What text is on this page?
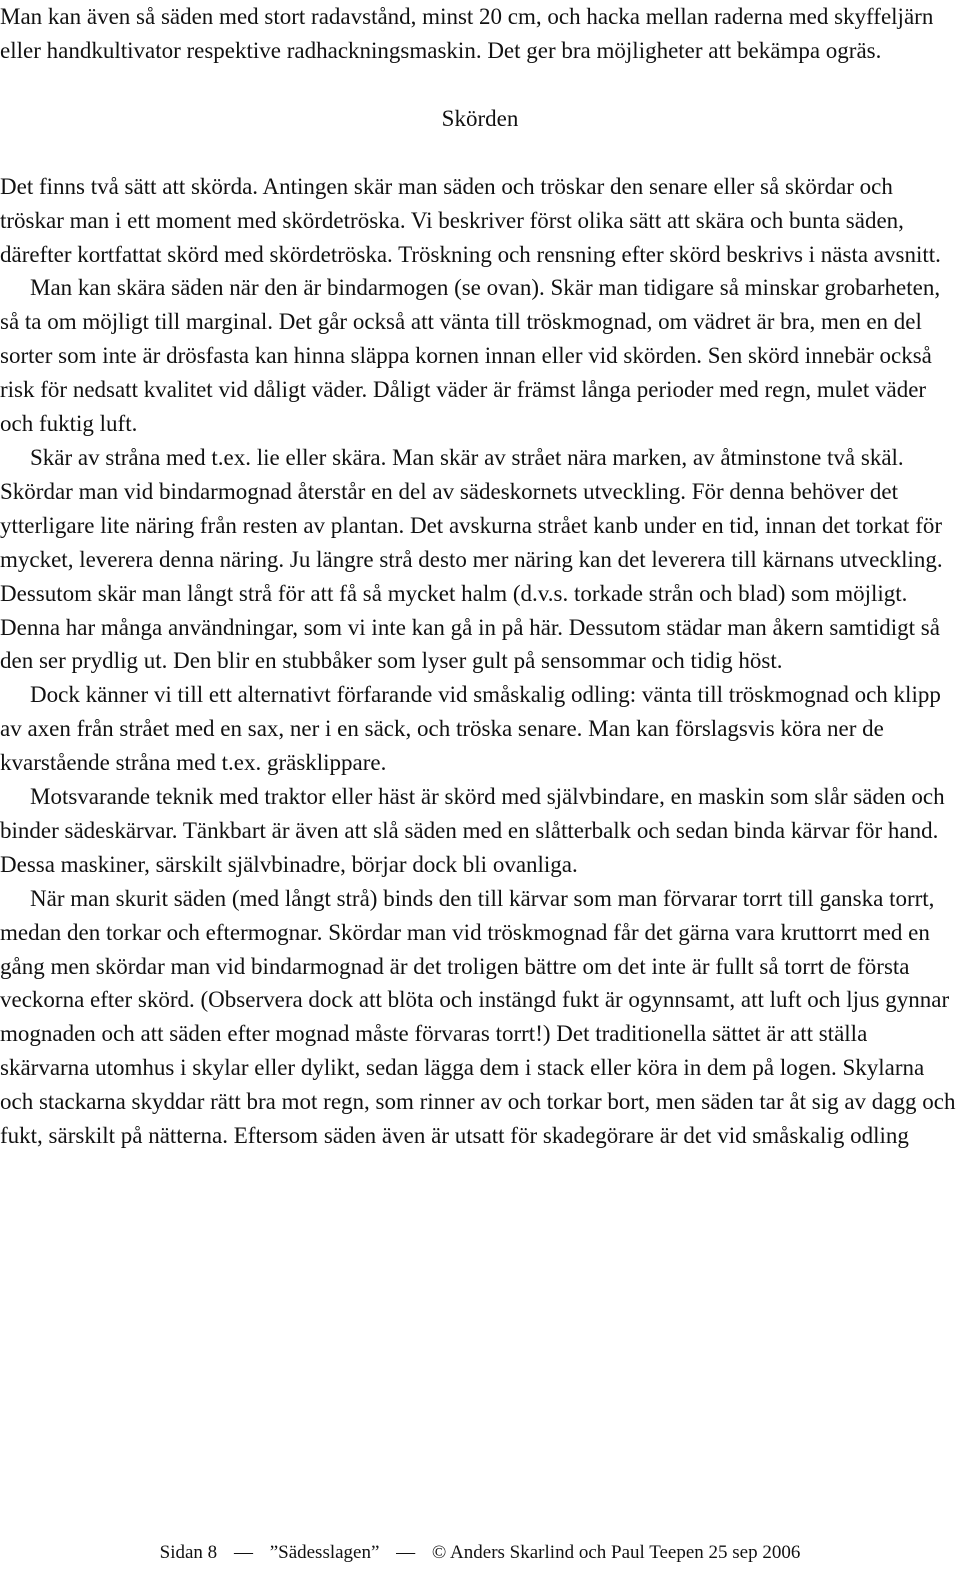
Man kan även så säden med stort radavstånd, minst 20 cm, och hacka mellan raderna med skyffeljärn eller handkultivator respektive radhackningsmaskin. Det ger bra möjligheter att bekämpa ogräs.

Skörden

Det finns två sätt att skörda. Antingen skär man säden och tröskar den senare eller så skördar och tröskar man i ett moment med skördetröska. Vi beskriver först olika sätt att skära och bunta säden, därefter kortfattat skörd med skördetröska. Tröskning och rensning efter skörd beskrivs i nästa avsnitt.

Man kan skära säden när den är bindarmogen (se ovan). Skär man tidigare så minskar grobarheten, så ta om möjligt till marginal. Det går också att vänta till tröskmognad, om vädret är bra, men en del sorter som inte är drösfasta kan hinna släppa kornen innan eller vid skörden. Sen skörd innebär också risk för nedsatt kvalitet vid dåligt väder. Dåligt väder är främst långa perioder med regn, mulet väder och fuktig luft.

Skär av stråna med t.ex. lie eller skära. Man skär av strået nära marken, av åtminstone två skäl. Skördar man vid bindarmognad återstår en del av sädeskornets utveckling. För denna behöver det ytterligare lite näring från resten av plantan. Det avskurna strået kanb under en tid, innan det torkat för mycket, leverera denna näring. Ju längre strå desto mer näring kan det leverera till kärnans utveckling. Dessutom skär man långt strå för att få så mycket halm (d.v.s. torkade strån och blad) som möjligt. Denna har många användningar, som vi inte kan gå in på här. Dessutom städar man åkern samtidigt så den ser prydlig ut. Den blir en stubbåker som lyser gult på sensommar och tidig höst.

Dock känner vi till ett alternativt förfarande vid småskalig odling: vänta till tröskmognad och klipp av axen från strået med en sax, ner i en säck, och tröska senare. Man kan förslagsvis köra ner de kvarstående stråna med t.ex. gräsklippare.

Motsvarande teknik med traktor eller häst är skörd med självbindare, en maskin som slår säden och binder sädeskärvar. Tänkbart är även att slå säden med en slåtterbalk och sedan binda kärvar för hand. Dessa maskiner, särskilt självbinadre, börjar dock bli ovanliga.

När man skurit säden (med långt strå) binds den till kärvar som man förvarar torrt till ganska torrt, medan den torkar och eftermognar. Skördar man vid tröskmognad får det gärna vara kruttorrt med en gång men skördar man vid bindarmognad är det troligen bättre om det inte är fullt så torrt de första veckorna efter skörd. (Observera dock att blöta och instängd fukt är ogynnsamt, att luft och ljus gynnar mognaden och att säden efter mognad måste förvaras torrt!) Det traditionella sättet är att ställa skärvarna utomhus i skylar eller dylikt, sedan lägga dem i stack eller köra in dem på logen. Skylarna och stackarna skyddar rätt bra mot regn, som rinner av och torkar bort, men säden tar åt sig av dagg och fukt, särskilt på nätterna. Eftersom säden även är utsatt för skadegörare är det vid småskalig odling

Sidan 8 — ”Sädesslagen” — © Anders Skarlind och Paul Teepen 25 sep 2006
